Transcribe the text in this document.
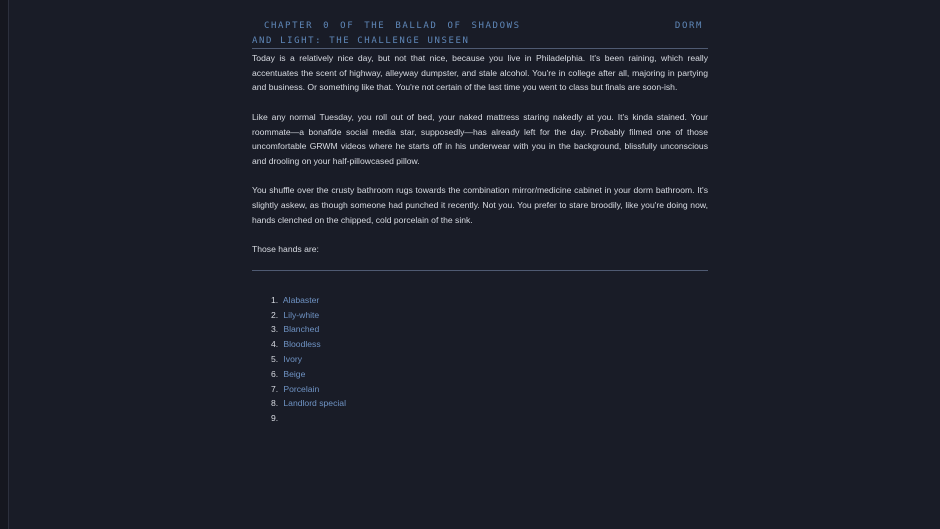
CHAPTER 0 OF THE BALLAD OF SHADOWS	DORM
AND LIGHT: THE CHALLENGE UNSEEN

Today is a relatively nice day, but not that nice, because you live in Philadelphia. It's been raining, which really accentuates the scent of highway, alleyway dumpster, and stale alcohol. You're in college after all, majoring in partying and business. Or something like that. You're not certain of the last time you went to class but finals are soon-ish.

Like any normal Tuesday, you roll out of bed, your naked mattress staring nakedly at you. It's kinda stained. Your roommate—a bonafide social media star, supposedly—has already left for the day. Probably filmed one of those uncomfortable GRWM videos where he starts off in his underwear with you in the background, blissfully unconscious and drooling on your half-pillowcased pillow.

You shuffle over the crusty bathroom rugs towards the combination mirror/medicine cabinet in your dorm bathroom. It's slightly askew, as though someone had punched it recently. Not you. You prefer to stare broodily, like you're doing now, hands clenched on the chipped, cold porcelain of the sink.

Those hands are:

1. Alabaster
2. Lily-white
3. Blanched
4. Bloodless
5. Ivory
6. Beige
7. Porcelain
8. Landlord special
9.
